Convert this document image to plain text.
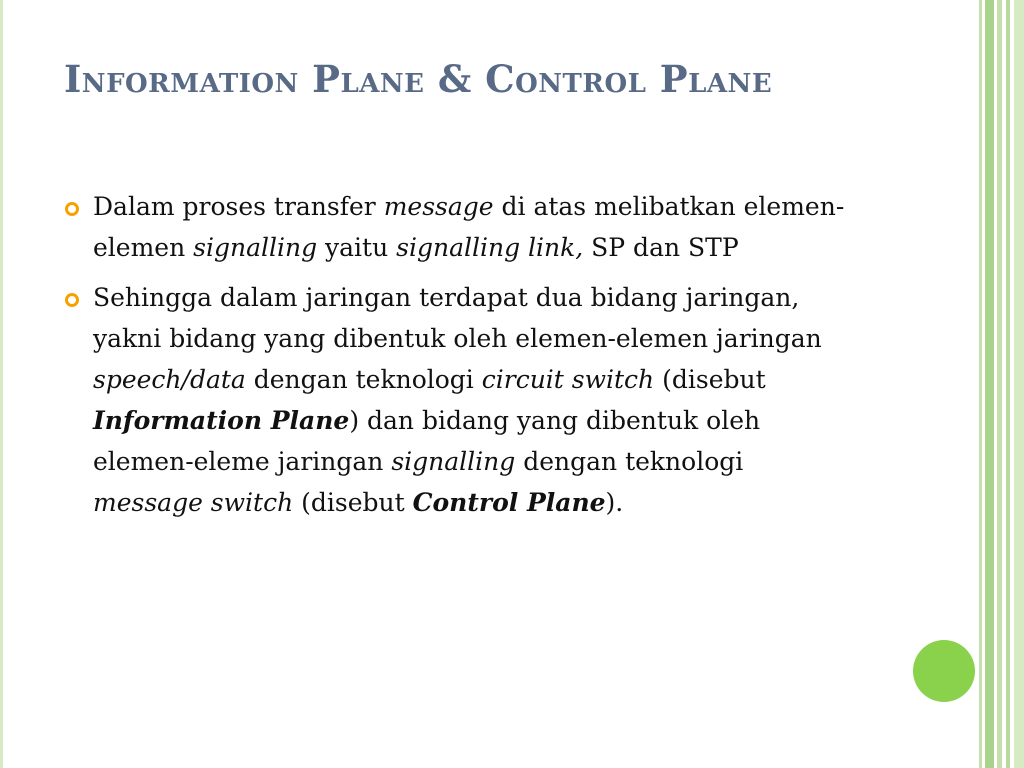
Information Plane & Control Plane
Dalam proses transfer message di atas melibatkan elemen-elemen signalling yaitu signalling link, SP dan STP
Sehingga dalam jaringan terdapat dua bidang jaringan, yakni bidang yang dibentuk oleh elemen-elemen jaringan speech/data dengan teknologi circuit switch (disebut Information Plane) dan bidang yang dibentuk oleh elemen-eleme jaringan signalling dengan teknologi message switch (disebut Control Plane).
